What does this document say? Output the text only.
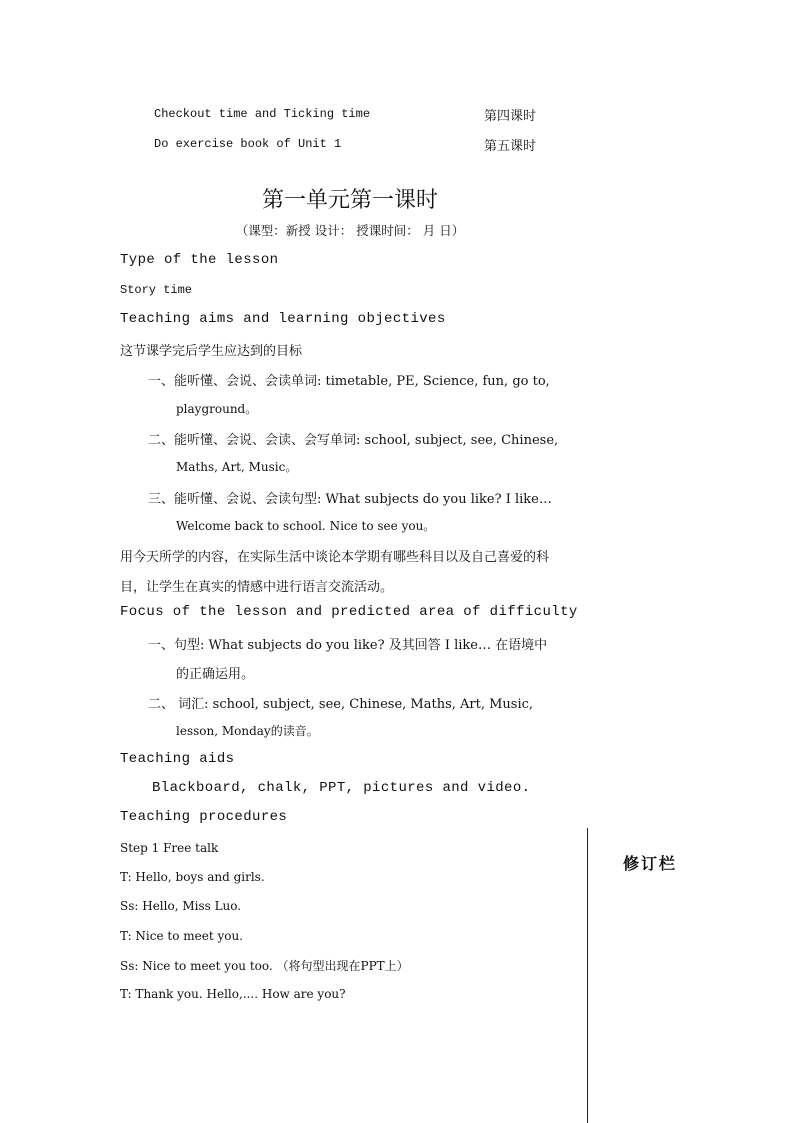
Checkout time and Ticking time	第四课时
Do exercise book of Unit 1	第五课时
第一单元第一课时
（课型：新授 设计： 授课时间： 月 日）
Type of the lesson
Story time
Teaching aims and learning objectives
这节课学完后学生应达到的目标
一、能听懂、会说、会读单词: timetable, PE, Science, fun, go to,
playground。
二、能听懂、会说、会读、会写单词: school, subject, see, Chinese,
Maths, Art, Music。
三、能听懂、会说、会读句型: What subjects do you like? I like…
Welcome back to school. Nice to see you。
用今天所学的内容，在实际生活中谈论本学期有哪些科目以及自己喜爱的科
目，让学生在真实的情感中进行语言交流活动。
Focus of the lesson and predicted area of difficulty
一、句型: What subjects do you like? 及其回答 I like… 在语境中
的正确运用。
二、 词汇: school, subject, see, Chinese, Maths, Art, Music,
lesson, Monday的读音。
Teaching aids
Blackboard, chalk, PPT, pictures and video.
Teaching procedures
Step 1 Free talk
T: Hello, boys and girls.
Ss: Hello, Miss Luo.
T: Nice to meet you.
Ss: Nice to meet you too. （将句型出现在PPT上）
T: Thank you. Hello,.... How are you?
修订栏
